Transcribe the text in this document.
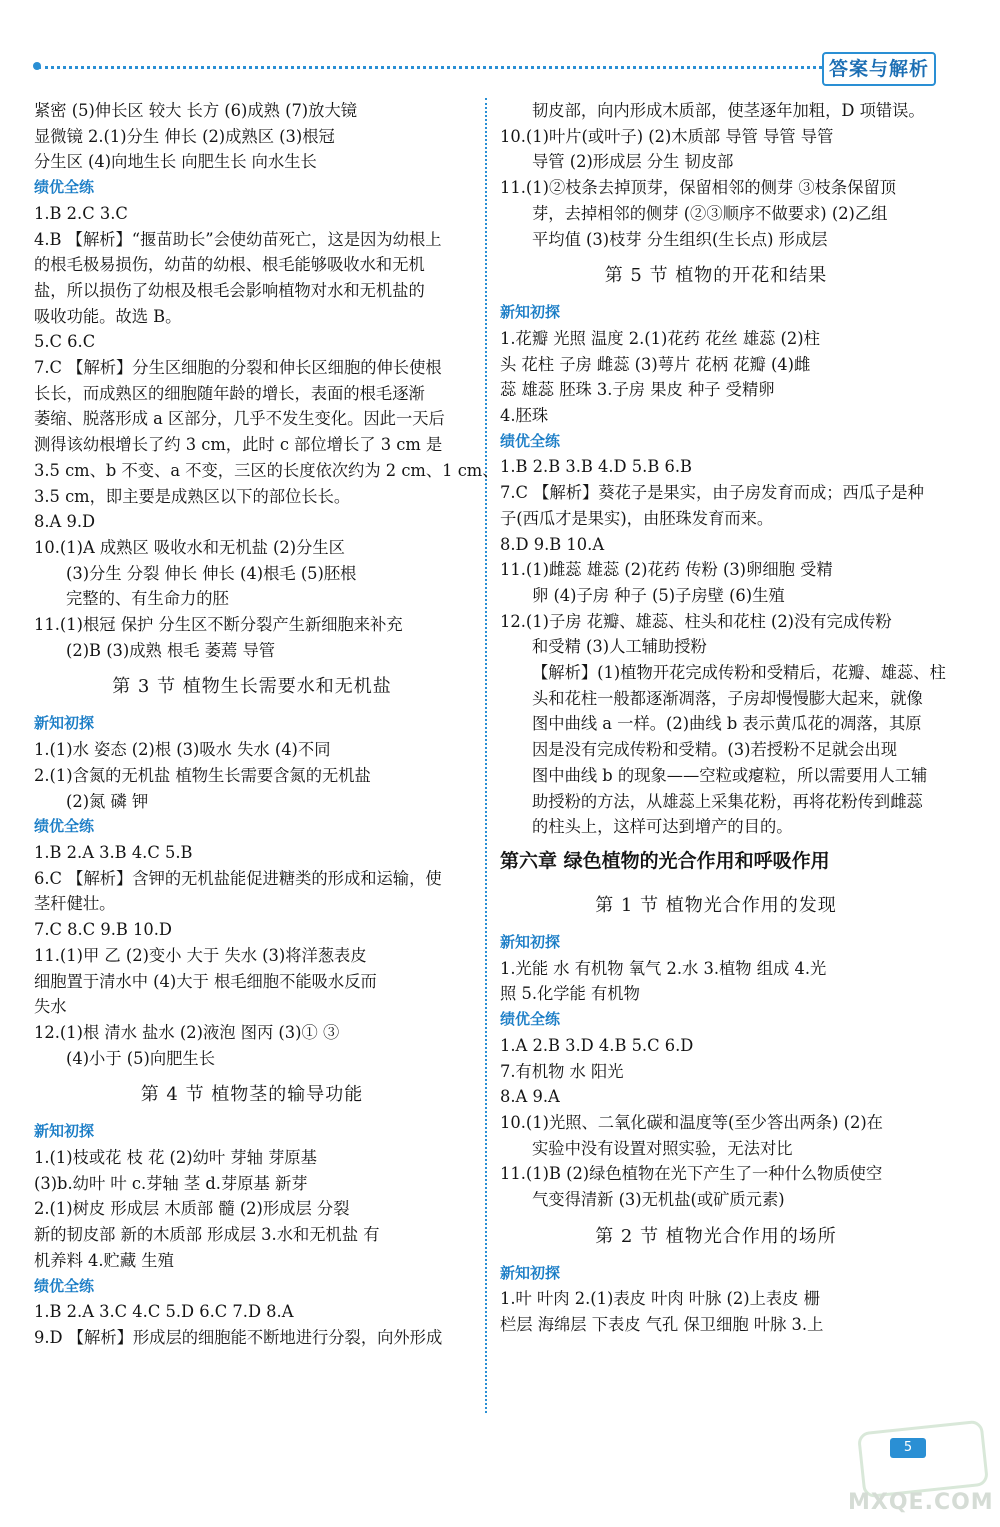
答案与解析

紧密 (5)伸长区 较大 长方 (6)成熟 (7)放大镜

显微镜 2.(1)分生 伸长 (2)成熟区 (3)根冠

分生区 (4)向地生长 向肥生长 向水生长

绩优全练

1.B 2.C 3.C

4.B 【解析】“揠苗助长”会使幼苗死亡，这是因为幼根上

的根毛极易损伤，幼苗的幼根、根毛能够吸收水和无机

盐，所以损伤了幼根及根毛会影响植物对水和无机盐的

吸收功能。故选 B。

5.C 6.C

7.C 【解析】分生区细胞的分裂和伸长区细胞的伸长使根

长长，而成熟区的细胞随年龄的增长，表面的根毛逐渐

萎缩、脱落形成 a 区部分，几乎不发生变化。因此一天后

测得该幼根增长了约 3 cm，此时 c 部位增长了 3 cm 是

3.5 cm、b 不变、a 不变，三区的长度依次约为 2 cm、1 cm、

3.5 cm，即主要是成熟区以下的部位长长。

8.A 9.D

10.(1)A 成熟区 吸收水和无机盐 (2)分生区

(3)分生 分裂 伸长 伸长 (4)根毛 (5)胚根

完整的、有生命力的胚

11.(1)根冠 保护 分生区不断分裂产生新细胞来补充

(2)B (3)成熟 根毛 萎蔫 导管

第 3 节 植物生长需要水和无机盐

新知初探

1.(1)水 姿态 (2)根 (3)吸水 失水 (4)不同

2.(1)含氮的无机盐 植物生长需要含氮的无机盐

(2)氮 磷 钾

绩优全练

1.B 2.A 3.B 4.C 5.B

6.C 【解析】含钾的无机盐能促进糖类的形成和运输，使

茎秆健壮。

7.C 8.C 9.B 10.D

11.(1)甲 乙 (2)变小 大于 失水 (3)将洋葱表皮

细胞置于清水中 (4)大于 根毛细胞不能吸水反而

失水

12.(1)根 清水 盐水 (2)液泡 图丙 (3)① ③

(4)小于 (5)向肥生长

第 4 节 植物茎的输导功能

新知初探

1.(1)枝或花 枝 花 (2)幼叶 芽轴 芽原基

(3)b.幼叶 叶 c.芽轴 茎 d.芽原基 新芽

2.(1)树皮 形成层 木质部 髓 (2)形成层 分裂

新的韧皮部 新的木质部 形成层 3.水和无机盐 有

机养料 4.贮藏 生殖

绩优全练

1.B 2.A 3.C 4.C 5.D 6.C 7.D 8.A

9.D 【解析】形成层的细胞能不断地进行分裂，向外形成

韧皮部，向内形成木质部，使茎逐年加粗，D 项错误。

10.(1)叶片(或叶子) (2)木质部 导管 导管 导管

导管 (2)形成层 分生 韧皮部

11.(1)②枝条去掉顶芽，保留相邻的侧芽 ③枝条保留顶

芽，去掉相邻的侧芽 (②③顺序不做要求) (2)乙组

平均值 (3)枝芽 分生组织(生长点) 形成层

第 5 节 植物的开花和结果

新知初探

1.花瓣 光照 温度 2.(1)花药 花丝 雄蕊 (2)柱

头 花柱 子房 雌蕊 (3)萼片 花柄 花瓣 (4)雌

蕊 雄蕊 胚珠 3.子房 果皮 种子 受精卵

4.胚珠

绩优全练

1.B 2.B 3.B 4.D 5.B 6.B

7.C 【解析】葵花子是果实，由子房发育而成；西瓜子是种

子(西瓜才是果实)，由胚珠发育而来。

8.D 9.B 10.A

11.(1)雌蕊 雄蕊 (2)花药 传粉 (3)卵细胞 受精

卵 (4)子房 种子 (5)子房壁 (6)生殖

12.(1)子房 花瓣、雄蕊、柱头和花柱 (2)没有完成传粉

和受精 (3)人工辅助授粉

【解析】(1)植物开花完成传粉和受精后，花瓣、雄蕊、柱

头和花柱一般都逐渐凋落，子房却慢慢膨大起来，就像

图中曲线 a 一样。(2)曲线 b 表示黄瓜花的凋落，其原

因是没有完成传粉和受精。(3)若授粉不足就会出现

图中曲线 b 的现象——空粒或瘪粒，所以需要用人工辅

助授粉的方法，从雄蕊上采集花粉，再将花粉传到雌蕊

的柱头上，这样可达到增产的目的。

第六章 绿色植物的光合作用和呼吸作用

第 1 节 植物光合作用的发现

新知初探

1.光能 水 有机物 氧气 2.水 3.植物 组成 4.光

照 5.化学能 有机物

绩优全练

1.A 2.B 3.D 4.B 5.C 6.D

7.有机物 水 阳光

8.A 9.A

10.(1)光照、二氧化碳和温度等(至少答出两条) (2)在

实验中没有设置对照实验，无法对比

11.(1)B (2)绿色植物在光下产生了一种什么物质使空

气变得清新 (3)无机盐(或矿质元素)

第 2 节 植物光合作用的场所

新知初探

1.叶 叶肉 2.(1)表皮 叶肉 叶脉 (2)上表皮 栅

栏层 海绵层 下表皮 气孔 保卫细胞 叶脉 3.上

5
MXQE.COM
